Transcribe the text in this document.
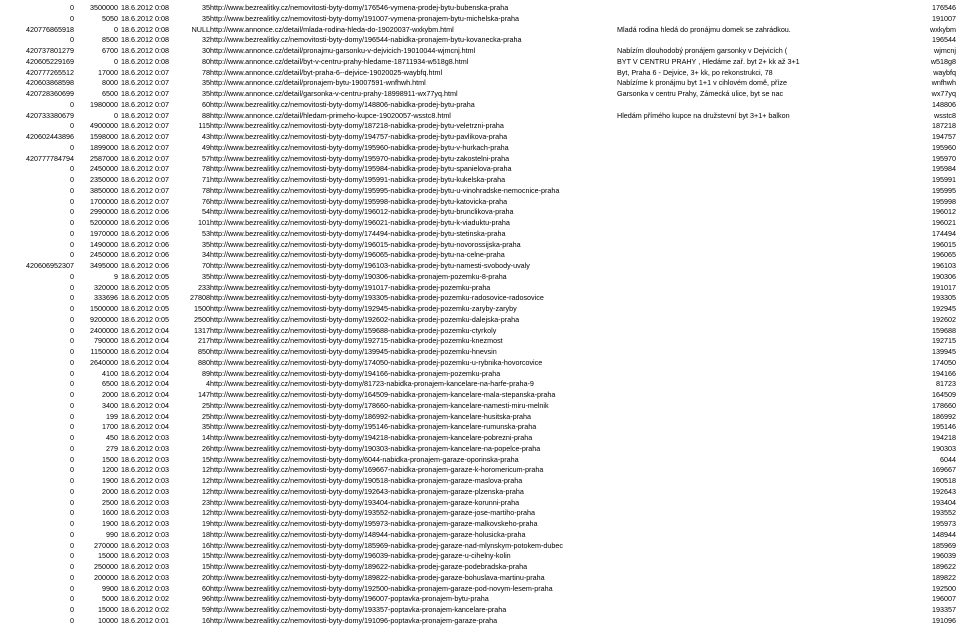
0	3500000 18.6.2012 0:08	35 http://www.bezrealitky.cz/nemovitosti-byty-domy/176546-vymena-prodej-bytu-bubenska-praha	176546
0	5050 18.6.2012 0:08	35 http://www.bezrealitky.cz/nemovitosti-byty-domy/191007-vymena-pronajem-bytu-michelska-praha	191007
420776865918	0 18.6.2012 0:08	NULL http://www.annonce.cz/detail/mlada-rodina-hleda-do-19020037-wxkybm.html	Mladá rodina hledá do pronájmu domek se zahrádkou.	wxkybm
0	8500 18.6.2012 0:08	32 http://www.bezrealitky.cz/nemovitosti-byty-domy/196544-nabidka-pronajem-bytu-kovanecka-praha	196544
420737801279	6700 18.6.2012 0:08	30 http://www.annonce.cz/detail/pronajmu-garsonku-v-dejvicich-19010044-wjmcnj.html	Nabízím dlouhodobý pronájem garsonky v Dejvicích (	wjmcnj
420605229169	0 18.6.2012 0:08	80 http://www.annonce.cz/detail/byt-v-centru-prahy-hledame-18711934-w518g8.html	BYT V CENTRU PRAHY , Hledáme zař. byt 2+ kk až 3+1	w518g8
420777265512	17000 18.6.2012 0:07	78 http://www.annonce.cz/detail/byt-praha-6--dejvice-19020025-waybfq.html	Byt, Praha 6 - Dejvice, 3+ kk, po rekonstrukci, 78	waybfq
420603868598	8000 18.6.2012 0:07	35 http://www.annonce.cz/detail/pronajem-bytu-19007591-wnfhwh.html	Nabízíme k pronájmu byt 1+1 v cihlovém domě, příze	wnfhwh
420728360699	6500 18.6.2012 0:07	35 http://www.annonce.cz/detail/garsonka-v-centru-prahy-18998911-wx77yq.html	Garsonka v centru Prahy, Zámecká ulice, byt se nac	wx77yq
0	1980000 18.6.2012 0:07	60 http://www.bezrealitky.cz/nemovitosti-byty-domy/148806-nabidka-prodej-bytu-praha	148806
420733380679	0 18.6.2012 0:07	88 http://www.annonce.cz/detail/hledam-primeho-kupce-19020057-wsstc8.html	Hledám přímého kupce na družstevní byt 3+1+ balkon	wsstc8
0	4900000 18.6.2012 0:07	115 http://www.bezrealitky.cz/nemovitosti-byty-domy/187218-nabidka-prodej-bytu-veletrzni-praha	187218
420602443896	1598000 18.6.2012 0:07	43 http://www.bezrealitky.cz/nemovitosti-byty-domy/194757-nabidka-prodej-bytu-pavlikova-praha	194757
0	1899000 18.6.2012 0:07	49 http://www.bezrealitky.cz/nemovitosti-byty-domy/195960-nabidka-prodej-bytu-v-hurkach-praha	195960
420777784794	2587000 18.6.2012 0:07	57 http://www.bezrealitky.cz/nemovitosti-byty-domy/195970-nabidka-prodej-bytu-zakostelni-praha	195970
0	2450000 18.6.2012 0:07	78 http://www.bezrealitky.cz/nemovitosti-byty-domy/195984-nabidka-prodej-bytu-spanielova-praha	195984
0	2350000 18.6.2012 0:07	71 http://www.bezrealitky.cz/nemovitosti-byty-domy/195991-nabidka-prodej-bytu-kukelska-praha	195991
0	3850000 18.6.2012 0:07	78 http://www.bezrealitky.cz/nemovitosti-byty-domy/195995-nabidka-prodej-bytu-u-vinohradske-nemocnice-praha	195995
0	1700000 18.6.2012 0:07	76 http://www.bezrealitky.cz/nemovitosti-byty-domy/195998-nabidka-prodej-bytu-katovicka-praha	195998
0	2990000 18.6.2012 0:06	54 http://www.bezrealitky.cz/nemovitosti-byty-domy/196012-nabidka-prodej-bytu-brunclikova-praha	196012
0	5200000 18.6.2012 0:06	101 http://www.bezrealitky.cz/nemovitosti-byty-domy/196021-nabidka-prodej-bytu-k-viaduktu-praha	196021
0	1970000 18.6.2012 0:06	53 http://www.bezrealitky.cz/nemovitosti-byty-domy/174494-nabidka-prodej-bytu-stetinska-praha	174494
0	1490000 18.6.2012 0:06	35 http://www.bezrealitky.cz/nemovitosti-byty-domy/196015-nabidka-prodej-bytu-novorossijska-praha	196015
0	2450000 18.6.2012 0:06	34 http://www.bezrealitky.cz/nemovitosti-byty-domy/196065-nabidka-prodej-bytu-na-celne-praha	196065
420606952307	3495000 18.6.2012 0:06	70 http://www.bezrealitky.cz/nemovitosti-byty-domy/196103-nabidka-prodej-bytu-namesti-svobody-uvaly	196103
0	9 18.6.2012 0:05	35 http://www.bezrealitky.cz/nemovitosti-byty-domy/190306-nabidka-pronajem-pozemku-8-praha	190306
0	320000 18.6.2012 0:05	233 http://www.bezrealitky.cz/nemovitosti-byty-domy/191017-nabidka-prodej-pozemku-praha	191017
0	333696 18.6.2012 0:05	27808 http://www.bezrealitky.cz/nemovitosti-byty-domy/193305-nabidka-prodej-pozemku-radosovice-radosovice	193305
0	1500000 18.6.2012 0:05	1500 http://www.bezrealitky.cz/nemovitosti-byty-domy/192945-nabidka-prodej-pozemku-zaryby-zaryby	192945
0	9200000 18.6.2012 0:05	2500 http://www.bezrealitky.cz/nemovitosti-byty-domy/192602-nabidka-prodej-pozemku-dalejska-praha	192602
0	2400000 18.6.2012 0:04	1317 http://www.bezrealitky.cz/nemovitosti-byty-domy/159688-nabidka-prodej-pozemku-ctyrkoly	159688
0	790000 18.6.2012 0:04	217 http://www.bezrealitky.cz/nemovitosti-byty-domy/192715-nabidka-prodej-pozemku-knezmost	192715
0	1150000 18.6.2012 0:04	850 http://www.bezrealitky.cz/nemovitosti-byty-domy/139945-nabidka-prodej-pozemku-hnevsin	139945
0	2640000 18.6.2012 0:04	880 http://www.bezrealitky.cz/nemovitosti-byty-domy/174050-nabidka-prodej-pozemku-u-rybnika-hovorcovice	174050
0	4100 18.6.2012 0:04	89 http://www.bezrealitky.cz/nemovitosti-byty-domy/194166-nabidka-pronajem-pozemku-praha	194166
0	6500 18.6.2012 0:04	4 http://www.bezrealitky.cz/nemovitosti-byty-domy/81723-nabidka-pronajem-kancelare-na-harfe-praha-9	81723
0	2000 18.6.2012 0:04	147 http://www.bezrealitky.cz/nemovitosti-byty-domy/164509-nabidka-pronajem-kancelare-mala-stepanska-praha	164509
0	3400 18.6.2012 0:04	25 http://www.bezrealitky.cz/nemovitosti-byty-domy/178660-nabidka-pronajem-kancelare-namesti-miru-melnik	178660
0	199 18.6.2012 0:04	25 http://www.bezrealitky.cz/nemovitosti-byty-domy/186992-nabidka-pronajem-kancelare-husitska-praha	186992
0	1700 18.6.2012 0:04	35 http://www.bezrealitky.cz/nemovitosti-byty-domy/195146-nabidka-pronajem-kancelare-rumunska-praha	195146
0	450 18.6.2012 0:03	14 http://www.bezrealitky.cz/nemovitosti-byty-domy/194218-nabidka-pronajem-kancelare-pobrezni-praha	194218
0	279 18.6.2012 0:03	26 http://www.bezrealitky.cz/nemovitosti-byty-domy/190303-nabidka-pronajem-kancelare-na-popelce-praha	190303
0	1500 18.6.2012 0:03	15 http://www.bezrealitky.cz/nemovitosti-byty-domy/6044-nabidka-pronajem-garaze-oporinska-praha	6044
0	1200 18.6.2012 0:03	12 http://www.bezrealitky.cz/nemovitosti-byty-domy/169667-nabidka-pronajem-garaze-k-horomericum-praha	169667
0	1900 18.6.2012 0:03	12 http://www.bezrealitky.cz/nemovitosti-byty-domy/190518-nabidka-pronajem-garaze-maslova-praha	190518
0	2000 18.6.2012 0:03	12 http://www.bezrealitky.cz/nemovitosti-byty-domy/192643-nabidka-pronajem-garaze-plzenska-praha	192643
0	2500 18.6.2012 0:03	23 http://www.bezrealitky.cz/nemovitosti-byty-domy/193404-nabidka-pronajem-garaze-korunni-praha	193404
0	1600 18.6.2012 0:03	12 http://www.bezrealitky.cz/nemovitosti-byty-domy/193552-nabidka-pronajem-garaze-jose-martiho-praha	193552
0	1900 18.6.2012 0:03	19 http://www.bezrealitky.cz/nemovitosti-byty-domy/195973-nabidka-pronajem-garaze-malkovskeho-praha	195973
0	990 18.6.2012 0:03	18 http://www.bezrealitky.cz/nemovitosti-byty-domy/148944-nabidka-pronajem-garaze-holusicka-praha	148944
0	270000 18.6.2012 0:03	16 http://www.bezrealitky.cz/nemovitosti-byty-domy/185969-nabidka-prodej-garaze-nad-mlynskym-potokem-dubec	185969
0	15000 18.6.2012 0:03	15 http://www.bezrealitky.cz/nemovitosti-byty-domy/196039-nabidka-prodej-garaze-u-cihelny-kolin	196039
0	250000 18.6.2012 0:03	15 http://www.bezrealitky.cz/nemovitosti-byty-domy/189622-nabidka-prodej-garaze-podebradska-praha	189622
0	200000 18.6.2012 0:03	20 http://www.bezrealitky.cz/nemovitosti-byty-domy/189822-nabidka-prodej-garaze-bohuslava-martinu-praha	189822
0	9900 18.6.2012 0:03	60 http://www.bezrealitky.cz/nemovitosti-byty-domy/192500-nabidka-pronajem-garaze-pod-novym-lesem-praha	192500
0	5000 18.6.2012 0:02	96 http://www.bezrealitky.cz/nemovitosti-byty-domy/196007-poptavka-pronajem-bytu-praha	196007
0	15000 18.6.2012 0:02	59 http://www.bezrealitky.cz/nemovitosti-byty-domy/193357-poptavka-pronajem-kancelare-praha	193357
0	10000 18.6.2012 0:01	16 http://www.bezrealitky.cz/nemovitosti-byty-domy/191096-poptavka-pronajem-garaze-praha	191096
